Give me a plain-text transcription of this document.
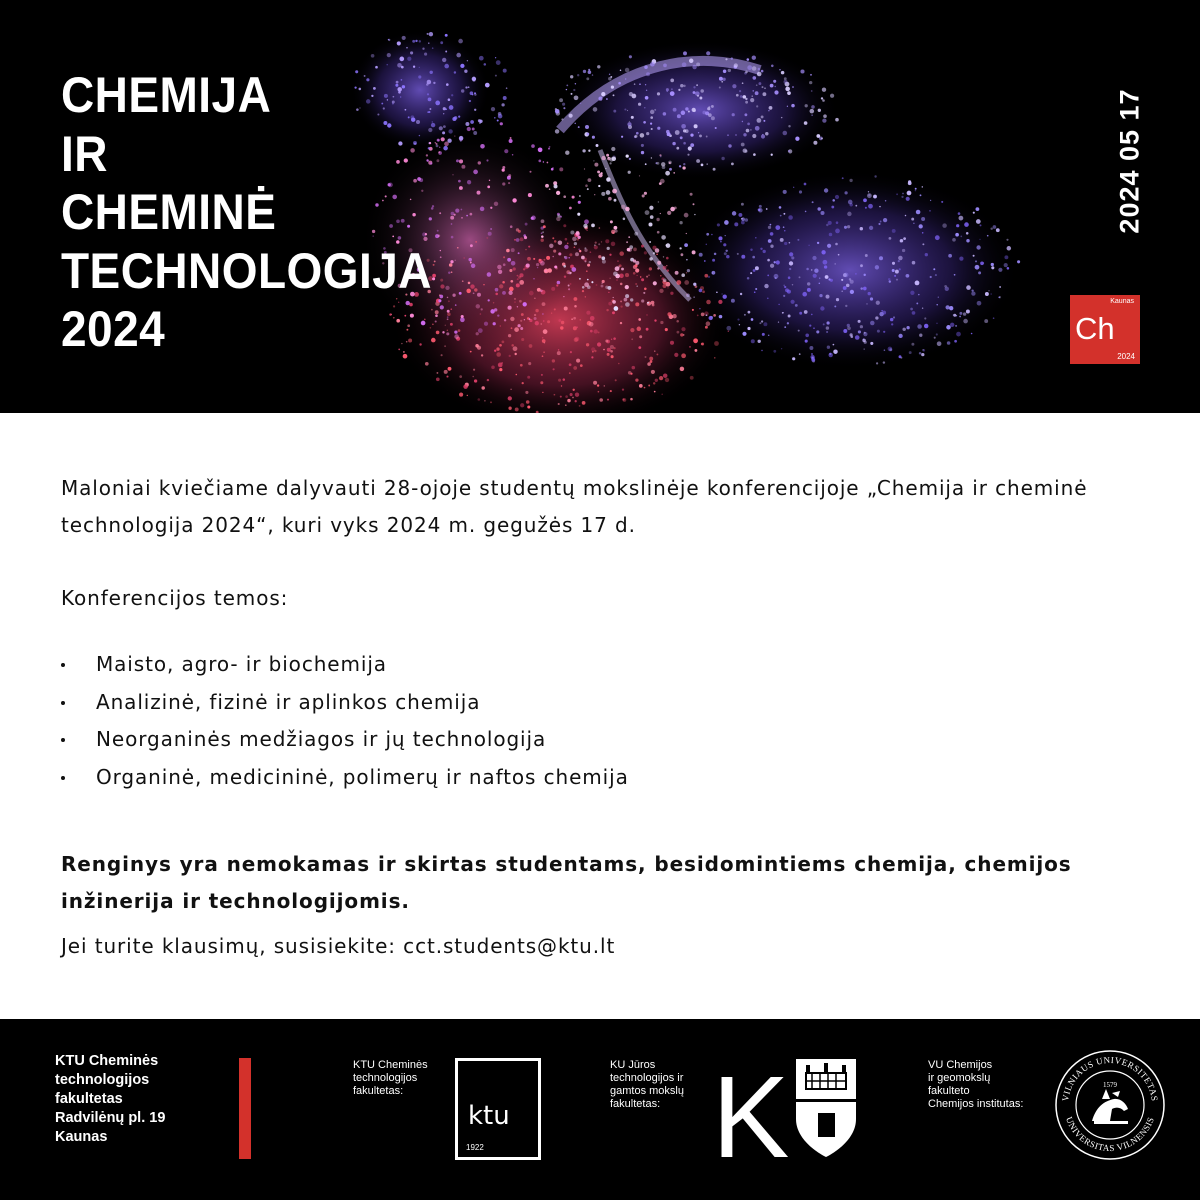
CHEMIJA
IR
CHEMINĖ
TECHNOLOGIJA
2024
2024 05 17
Kaunas
Ch
2024

Maloniai kviečiame dalyvauti 28-ojoje studentų mokslinėje konferencijoje „Chemija ir cheminė technologija 2024“, kuri vyks 2024 m. gegužės 17 d.

Konferencijos temos:

Maisto, agro- ir biochemija
Analizinė, fizinė ir aplinkos chemija
Neorganinės medžiagos ir jų technologija
Organinė, medicininė, polimerų ir naftos chemija

Renginys yra nemokamas ir skirtas studentams, besidomintiems chemija, chemijos inžinerija ir technologijomis.

Jei turite klausimų, susisiekite: cct.students@ktu.lt

KTU Cheminės
technologijos
fakultetas
Radvilėnų pl. 19
Kaunas
KTU Cheminės
technologijos
fakultetas:
ktu
1922
KU Jūros
technologijos ir
gamtos mokslų
fakultetas: K	VU Chemijos
ir geomokslų
fakulteto
Chemijos institutas:
VILNIAUS UNIVERSITETAS
UNIVERSITAS VILNENSIS
1579
